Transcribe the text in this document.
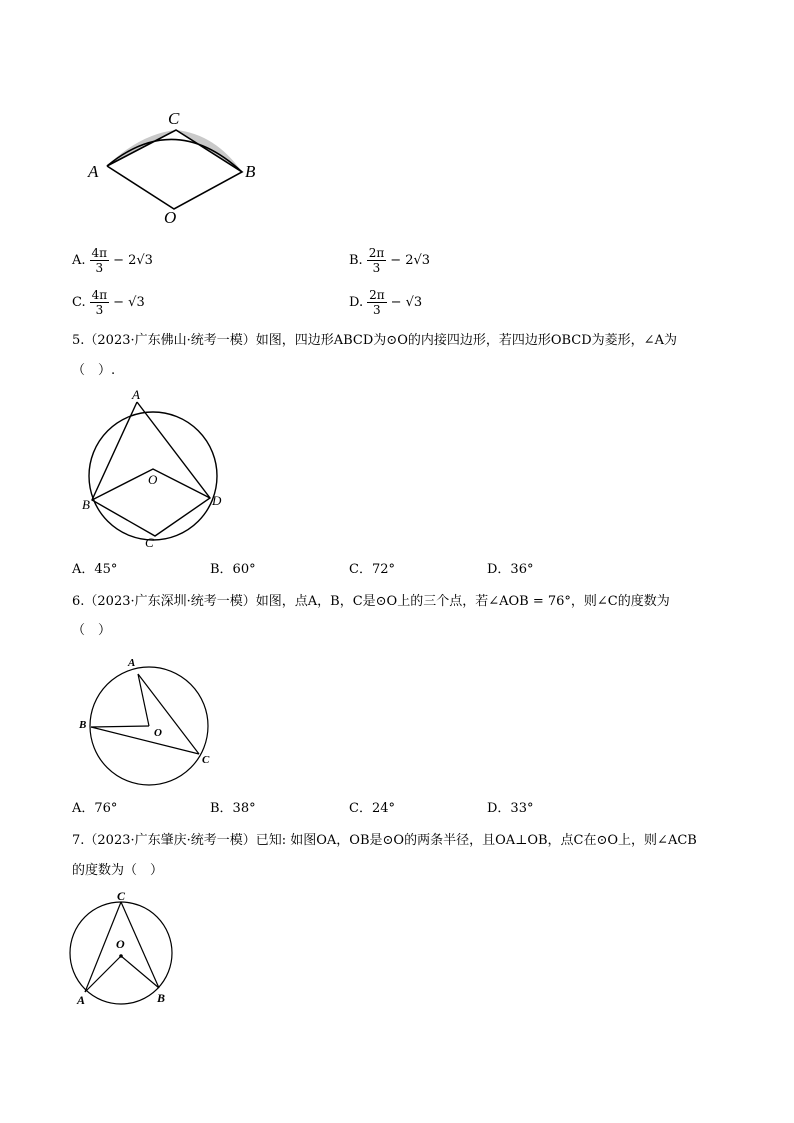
A
C
B
O
A. $\frac{4\pi}{3} - 2√3$	B. $\frac{2\pi}{3} - 2√3$
C. $\frac{4\pi}{3} - √3$	D. $\frac{2\pi}{3} - √3$
5.（2023·广东佛山·统考一模）如图，四边形ABCD为⊙O的内接四边形，若四边形OBCD为菱形，∠A为
（　）.
A
O
B	D
C
A．45°	B．60°	C．72°	D．36°
6.（2023·广东深圳·统考一模）如图，点A，B，C是⊙O上的三个点，若∠AOB = 76°，则∠C的度数为
（　）
A
B
O
C
A．76°	B．38°	C．24°	D．33°
7.（2023·广东肇庆·统考一模）已知: 如图OA，OB是⊙O的两条半径，且OA⊥OB，点C在⊙O上，则∠ACB
的度数为（　）
C
O
A	B
